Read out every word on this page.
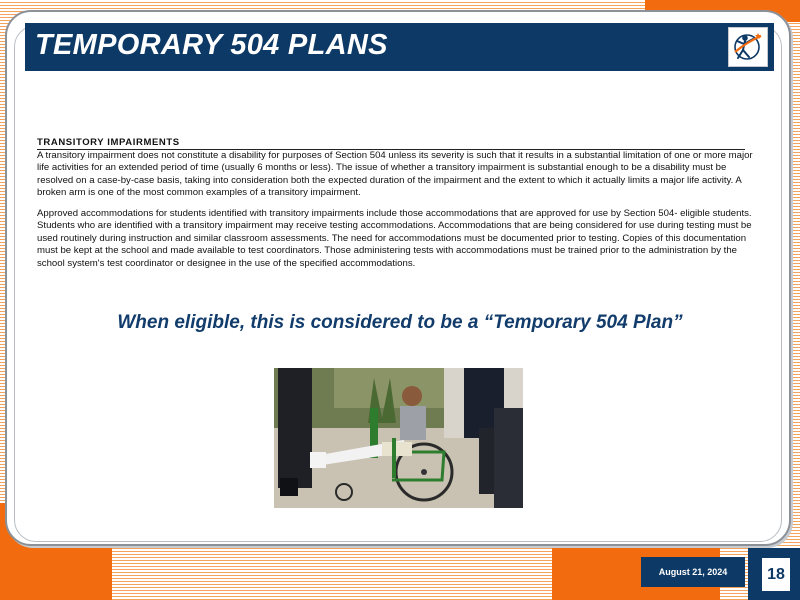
TEMPORARY 504 PLANS
TRANSITORY IMPAIRMENTS

A transitory impairment does not constitute a disability for purposes of Section 504 unless its severity is such that it results in a substantial limitation of one or more major life activities for an extended period of time (usually 6 months or less). The issue of whether a transitory impairment is substantial enough to be a disability must be resolved on a case-by-case basis, taking into consideration both the expected duration of the impairment and the extent to which it actually limits a major life activity. A broken arm is one of the most common examples of a transitory impairment.

Approved accommodations for students identified with transitory impairments include those accommodations that are approved for use by Section 504- eligible students. Students who are identified with a transitory impairment may receive testing accommodations. Accommodations that are being considered for use during testing must be used routinely during instruction and similar classroom assessments. The need for accommodations must be documented prior to testing. Copies of this documentation must be kept at the school and made available to test coordinators. Those administering tests with accommodations must be trained prior to the administration by the school system's test coordinator or designee in the use of the specified accommodations.

When eligible, this is considered to be a “Temporary 504 Plan”
August 21, 2024	18
